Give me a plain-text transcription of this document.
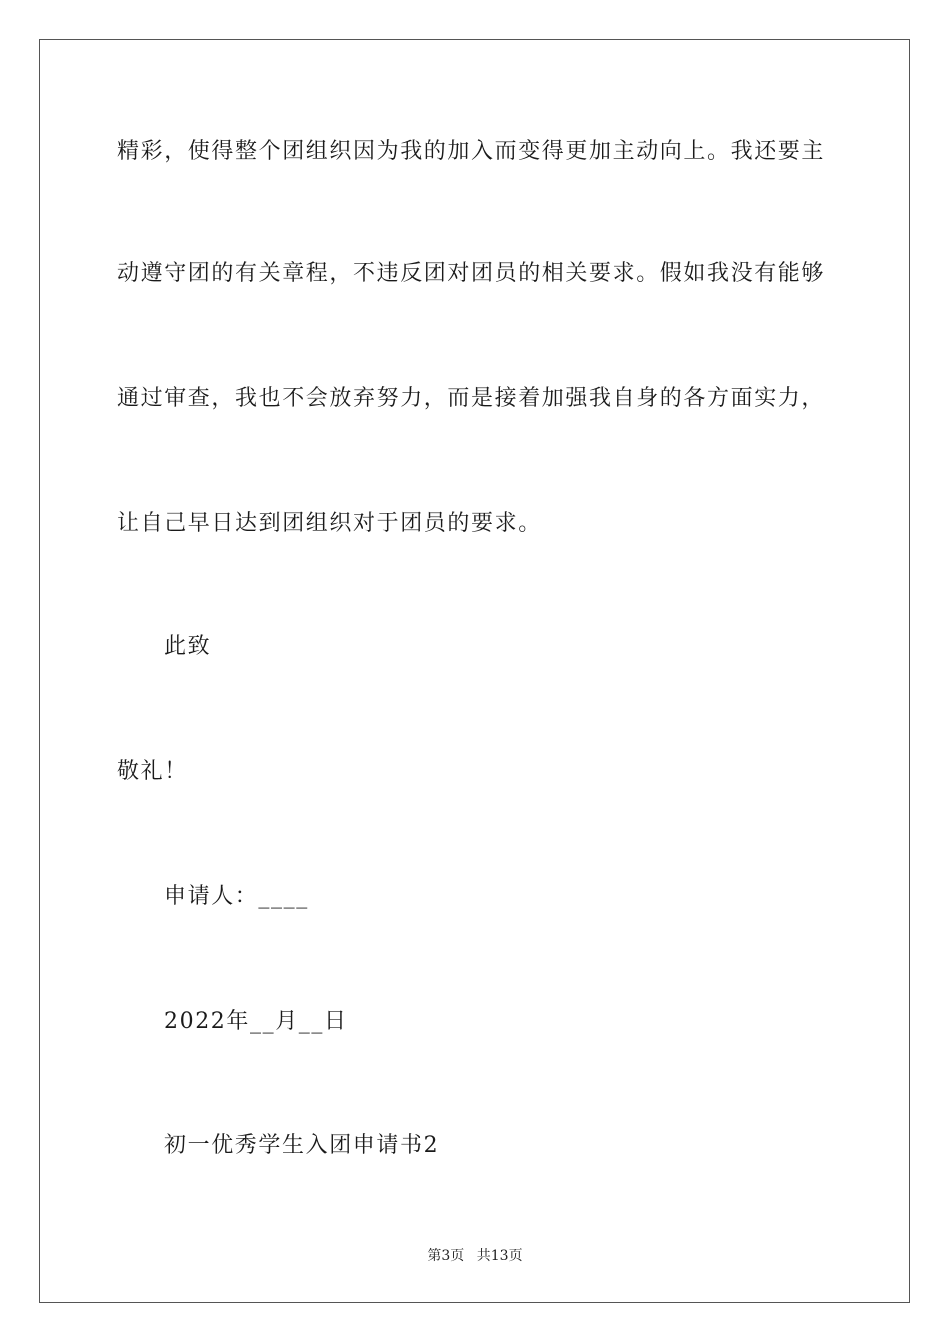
精彩，使得整个团组织因为我的加入而变得更加主动向上。我还要主
动遵守团的有关章程，不违反团对团员的相关要求。假如我没有能够
通过审查，我也不会放弃努力，而是接着加强我自身的各方面实力，
让自己早日达到团组织对于团员的要求。
此致
敬礼！
申请人：____
2022年__月__日
初一优秀学生入团申请书2
第3页 共13页
